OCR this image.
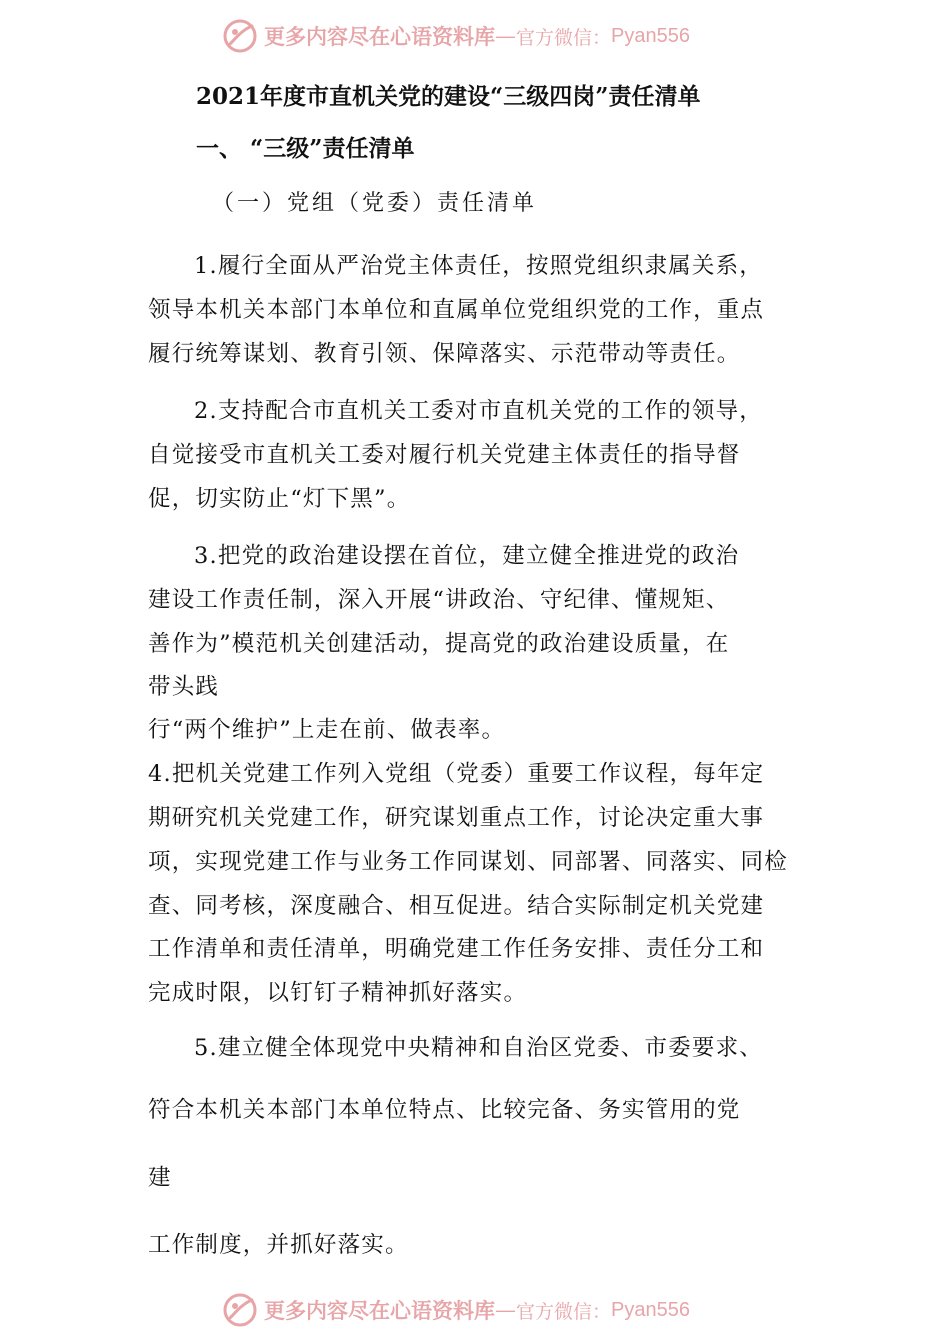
更多内容尽在心语资料库 — 官方微信： Pyan556
2021年度市直机关党的建设“三级四岗”责任清单
一、 “三级”责任清单
（一）党组（党委）责任清单
1.履行全面从严治党主体责任，按照党组织隶属关系，
领导本机关本部门本单位和直属单位党组织党的工作，重点
履行统筹谋划、教育引领、保障落实、示范带动等责任。
2.支持配合市直机关工委对市直机关党的工作的领导，
自觉接受市直机关工委对履行机关党建主体责任的指导督
促，切实防止“灯下黑”。
3.把党的政治建设摆在首位，建立健全推进党的政治
建设工作责任制，深入开展“讲政治、守纪律、懂规矩、
善作为”模范机关创建活动，提高党的政治建设质量，在
带头践
行“两个维护”上走在前、做表率。
4.把机关党建工作列入党组（党委）重要工作议程，每年定
期研究机关党建工作，研究谋划重点工作，讨论决定重大事
项，实现党建工作与业务工作同谋划、同部署、同落实、同检
查、同考核，深度融合、相互促进。结合实际制定机关党建
工作清单和责任清单，明确党建工作任务安排、责任分工和
完成时限，以钉钉子精神抓好落实。
5.建立健全体现党中央精神和自治区党委、市委要求、
符合本机关本部门本单位特点、比较完备、务实管用的党
建
工作制度，并抓好落实。
更多内容尽在心语资料库 — 官方微信： Pyan556
